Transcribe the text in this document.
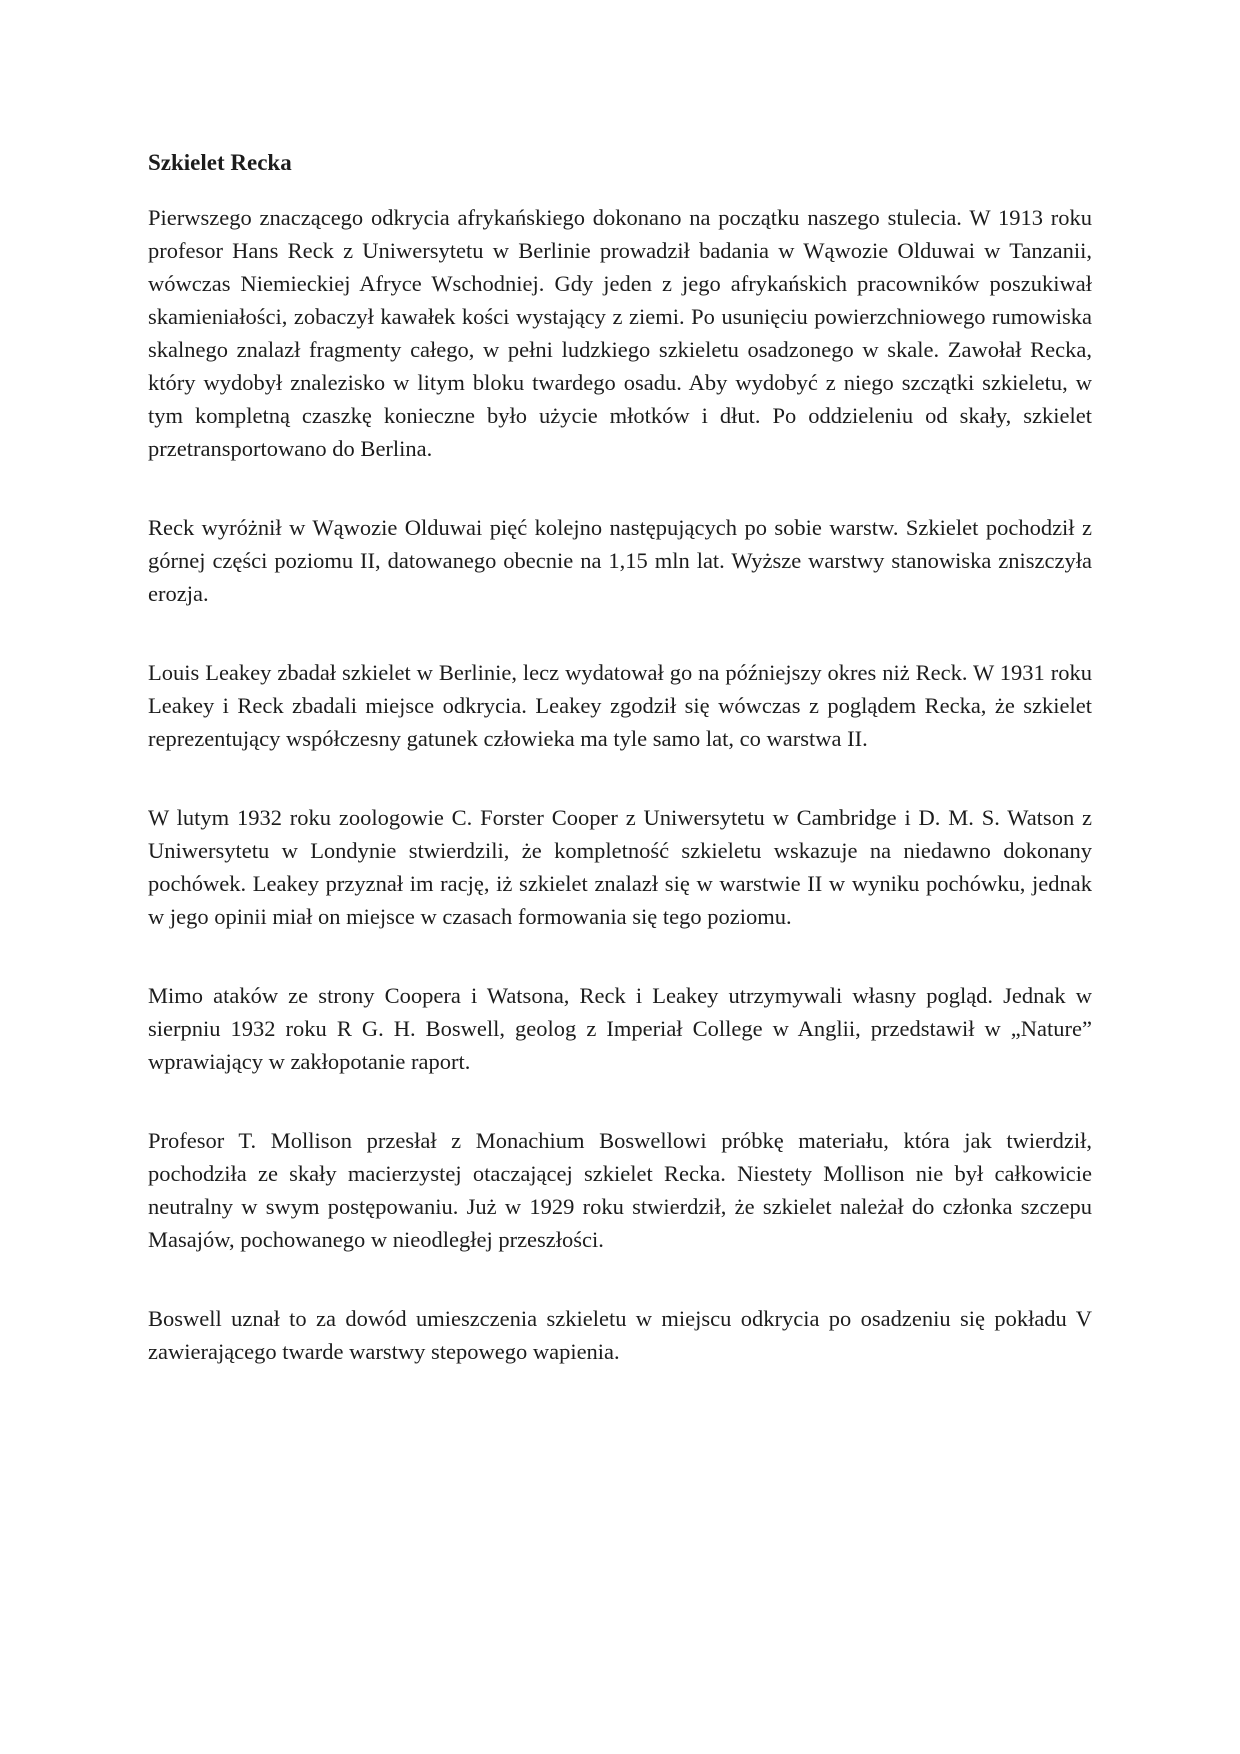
Szkielet Recka

Pierwszego znaczącego odkrycia afrykańskiego dokonano na początku naszego stulecia. W 1913 roku profesor Hans Reck z Uniwersytetu w Berlinie prowadził badania w Wąwozie Olduwai w Tanzanii, wówczas Niemieckiej Afryce Wschodniej. Gdy jeden z jego afrykańskich pracowników poszukiwał skamieniałości, zobaczył kawałek kości wystający z ziemi. Po usunięciu powierzchniowego rumowiska skalnego znalazł fragmenty całego, w pełni ludzkiego szkieletu osadzonego w skale. Zawołał Recka, który wydobył znalezisko w litym bloku twardego osadu. Aby wydobyć z niego szczątki szkieletu, w tym kompletną czaszkę konieczne było użycie młotków i dłut. Po oddzieleniu od skały, szkielet przetransportowano do Berlina.

Reck wyróżnił w Wąwozie Olduwai pięć kolejno następujących po sobie warstw. Szkielet pochodził z górnej części poziomu II, datowanego obecnie na 1,15 mln lat. Wyższe warstwy stanowiska zniszczyła erozja.

Louis Leakey zbadał szkielet w Berlinie, lecz wydatował go na późniejszy okres niż Reck. W 1931 roku Leakey i Reck zbadali miejsce odkrycia. Leakey zgodził się wówczas z poglądem Recka, że szkielet reprezentujący współczesny gatunek człowieka ma tyle samo lat, co warstwa II.

W lutym 1932 roku zoologowie C. Forster Cooper z Uniwersytetu w Cambridge i D. M. S. Watson z Uniwersytetu w Londynie stwierdzili, że kompletność szkieletu wskazuje na niedawno dokonany pochówek. Leakey przyznał im rację, iż szkielet znalazł się w warstwie II w wyniku pochówku, jednak w jego opinii miał on miejsce w czasach formowania się tego poziomu.

Mimo ataków ze strony Coopera i Watsona, Reck i Leakey utrzymywali własny pogląd. Jednak w sierpniu 1932 roku R G. H. Boswell, geolog z Imperiał College w Anglii, przedstawił w „Nature” wprawiający w zakłopotanie raport.

Profesor T. Mollison przesłał z Monachium Boswellowi próbkę materiału, która jak twierdził, pochodziła ze skały macierzystej otaczającej szkielet Recka. Niestety Mollison nie był całkowicie neutralny w swym postępowaniu. Już w 1929 roku stwierdził, że szkielet należał do członka szczepu Masajów, pochowanego w nieodległej przeszłości.

Boswell uznał to za dowód umieszczenia szkieletu w miejscu odkrycia po osadzeniu się pokładu V zawierającego twarde warstwy stepowego wapienia.
